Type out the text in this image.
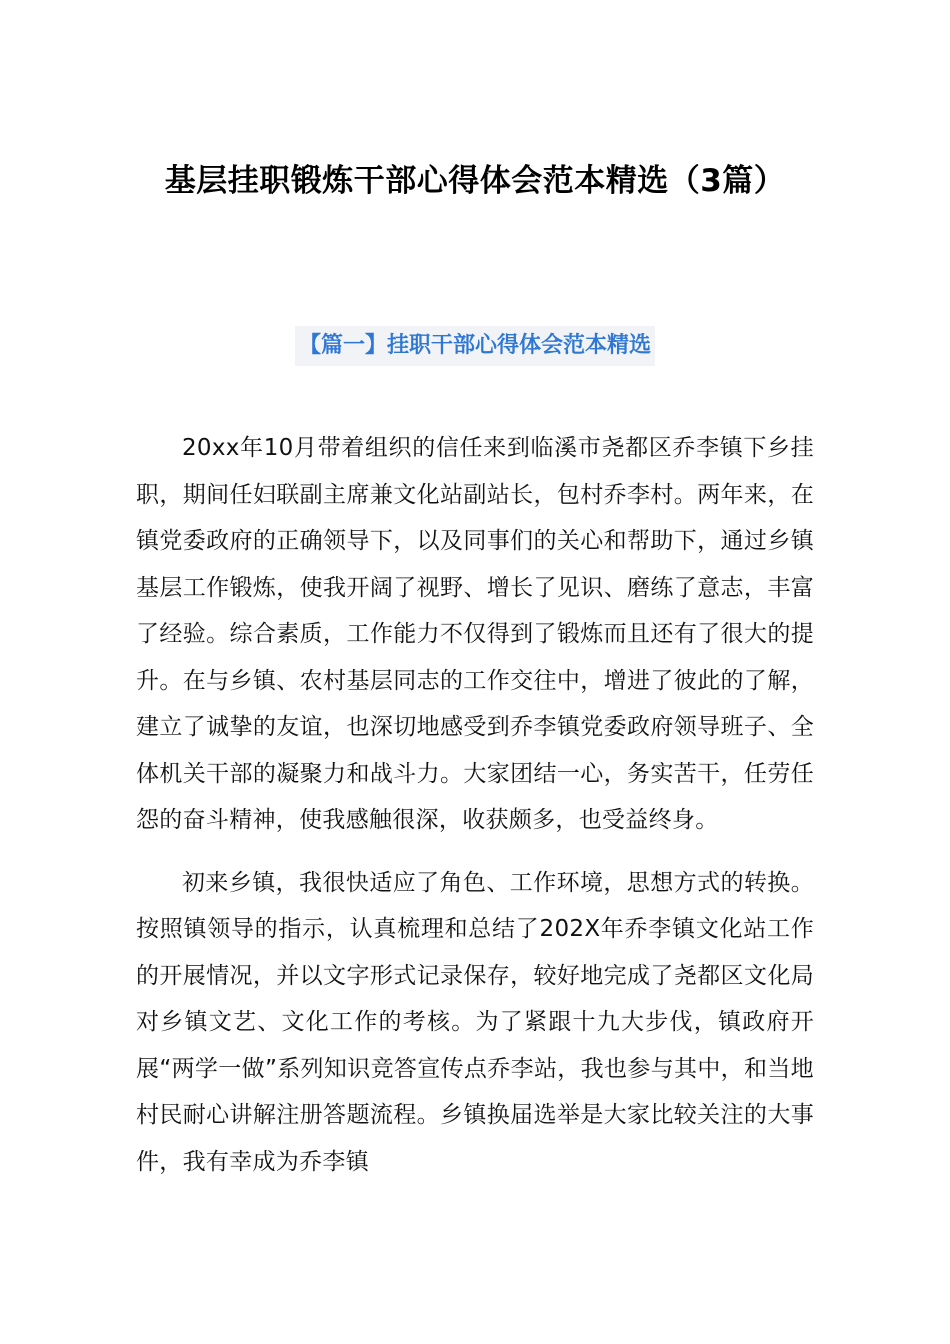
基层挂职锻炼干部心得体会范本精选（3篇）
【篇一】挂职干部心得体会范本精选

20xx年10月带着组织的信任来到临溪市尧都区乔李镇下乡挂职，期间任妇联副主席兼文化站副站长，包村乔李村。两年来，在镇党委政府的正确领导下，以及同事们的关心和帮助下，通过乡镇基层工作锻炼，使我开阔了视野、增长了见识、磨练了意志，丰富了经验。综合素质，工作能力不仅得到了锻炼而且还有了很大的提升。在与乡镇、农村基层同志的工作交往中，增进了彼此的了解，建立了诚挚的友谊，也深切地感受到乔李镇党委政府领导班子、全体机关干部的凝聚力和战斗力。大家团结一心，务实苦干，任劳任怨的奋斗精神，使我感触很深，收获颇多，也受益终身。

初来乡镇，我很快适应了角色、工作环境，思想方式的转换。按照镇领导的指示，认真梳理和总结了202X年乔李镇文化站工作的开展情况，并以文字形式记录保存，较好地完成了尧都区文化局对乡镇文艺、文化工作的考核。为了紧跟十九大步伐，镇政府开展“两学一做”系列知识竞答宣传点乔李站，我也参与其中，和当地村民耐心讲解注册答题流程。乡镇换届选举是大家比较关注的大事件，我有幸成为乔李镇
